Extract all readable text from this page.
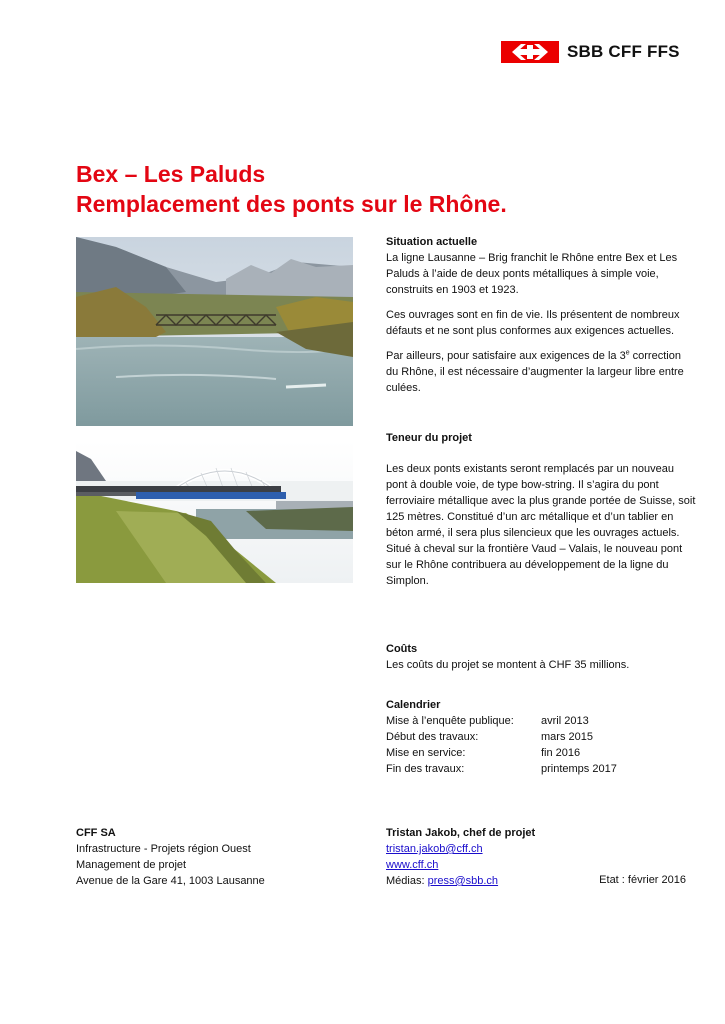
SBB CFF FFS
Bex – Les Paluds
Remplacement des ponts sur le Rhône.

Situation actuelle

La ligne Lausanne – Brig franchit le Rhône entre Bex et Les Paluds à l’aide de deux ponts métalliques à simple voie, construits en 1903 et 1923.

Ces ouvrages sont en fin de vie. Ils présentent de nombreux défauts et ne sont plus conformes aux exigences actuelles.

Par ailleurs, pour satisfaire aux exigences de la 3e correction du Rhône, il est nécessaire d’augmenter la largeur libre entre culées.

Teneur du projet

Les deux ponts existants seront remplacés par un nouveau pont à double voie, de type bow-string. Il s’agira du pont ferroviaire métallique avec la plus grande portée de Suisse, soit 125 mètres. Constitué d’un arc métallique et d’un tablier en béton armé, il sera plus silencieux que les ouvrages actuels.

Situé à cheval sur la frontière Vaud – Valais, le nouveau pont sur le Rhône contribuera au développement de la ligne du Simplon.

Coûts

Les coûts du projet se montent à CHF 35 millions.

Calendrier

Mise à l’enquête publique:	avril 2013
Début des travaux:	mars 2015
Mise en service:	fin 2016
Fin des travaux:	printemps 2017
CFF SA
Infrastructure - Projets région Ouest
Management de projet
Avenue de la Gare 41, 1003 Lausanne
Tristan Jakob, chef de projet
tristan.jakob@cff.ch
www.cff.ch
Médias: press@sbb.ch	Etat : février 2016
